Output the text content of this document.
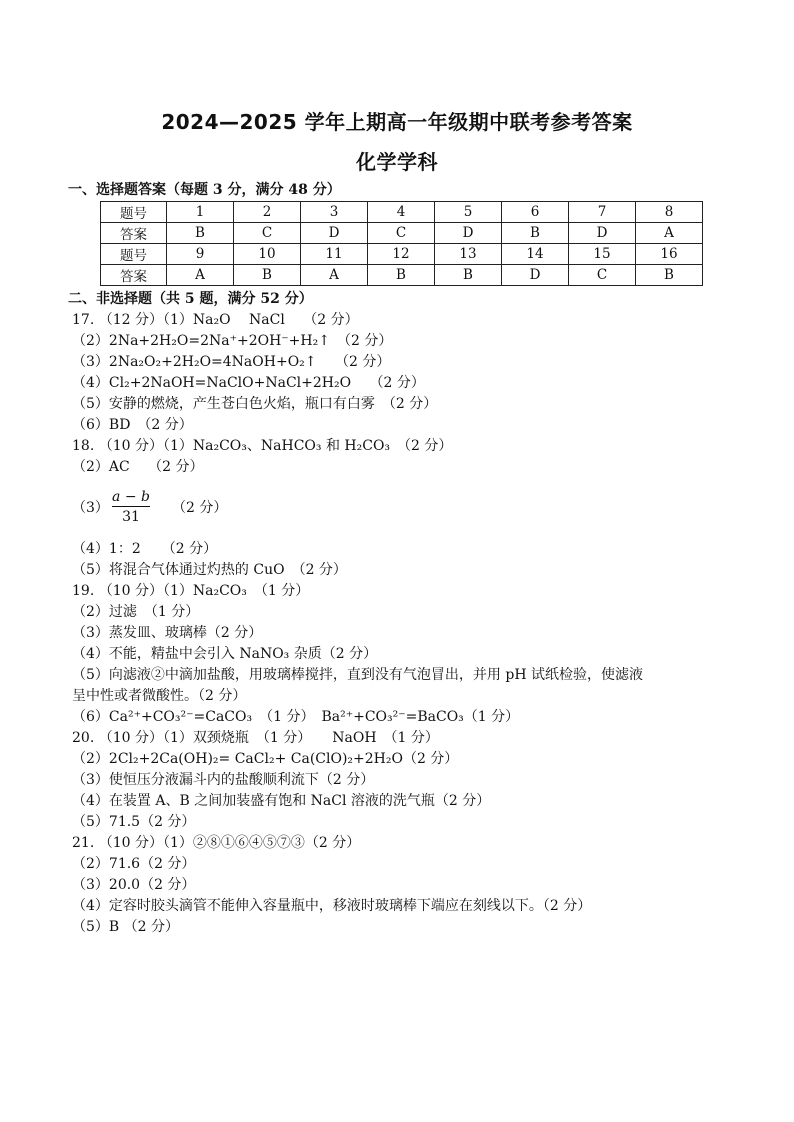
2024—2025 学年上期高一年级期中联考参考答案
化学学科
一、选择题答案（每题 3 分，满分 48 分）
题号	1	2	3	4	5	6	7	8
答案	B	C	D	C	D	B	D	A
题号	9	10	11	12	13	14	15	16
答案	A	B	A	B	B	D	C	B
二、非选择题（共 5 题，满分 52 分）
17. （12 分）（1）Na₂O　 NaCl　 （2 分）
（2）2Na+2H₂O=2Na⁺+2OH⁻+H₂↑　（2 分）
（3）2Na₂O₂+2H₂O=4NaOH+O₂↑　 （2 分）
（4）Cl₂+2NaOH=NaClO+NaCl+2H₂O　 （2 分）
（5）安静的燃烧，产生苍白色火焰，瓶口有白雾　（2 分）
（6）BD　（2 分）
18. （10 分）（1）Na₂CO₃、NaHCO₃ 和 H₂CO₃　（2 分）
（2）AC　 （2 分）
$(3) \frac{a - b}{31} (2$ 分）
（4）1：2　　（2 分）
（5）将混合气体通过灼热的 CuO　（2 分）
19. （10 分）（1）Na₂CO₃　（1 分）
（2）过滤　（1 分）
（3）蒸发皿、玻璃棒（2 分）
（4）不能，精盐中会引入 NaNO₃ 杂质（2 分）
（5）向滤液②中滴加盐酸，用玻璃棒搅拌，直到没有气泡冒出，并用 pH 试纸检验，使滤液
呈中性或者微酸性。（2 分）
（6）Ca²⁺+CO₃²⁻=CaCO₃　（1 分）　Ba²⁺+CO₃²⁻=BaCO₃（1 分）
20. （10 分）（1）双颈烧瓶　（1 分）　　NaOH　（1 分）
（2）2Cl₂+2Ca(OH)₂= CaCl₂+ Ca(ClO)₂+2H₂O（2 分）
（3）使恒压分液漏斗内的盐酸顺利流下（2 分）
（4）在装置 A、B 之间加装盛有饱和 NaCl 溶液的洗气瓶（2 分）
（5）71.5（2 分）
21. （10 分）（1）②⑧①⑥④⑤⑦③（2 分）
（2）71.6（2 分）
（3）20.0（2 分）
（4）定容时胶头滴管不能伸入容量瓶中，移液时玻璃棒下端应在刻线以下。（2 分）
（5）B （2 分）
